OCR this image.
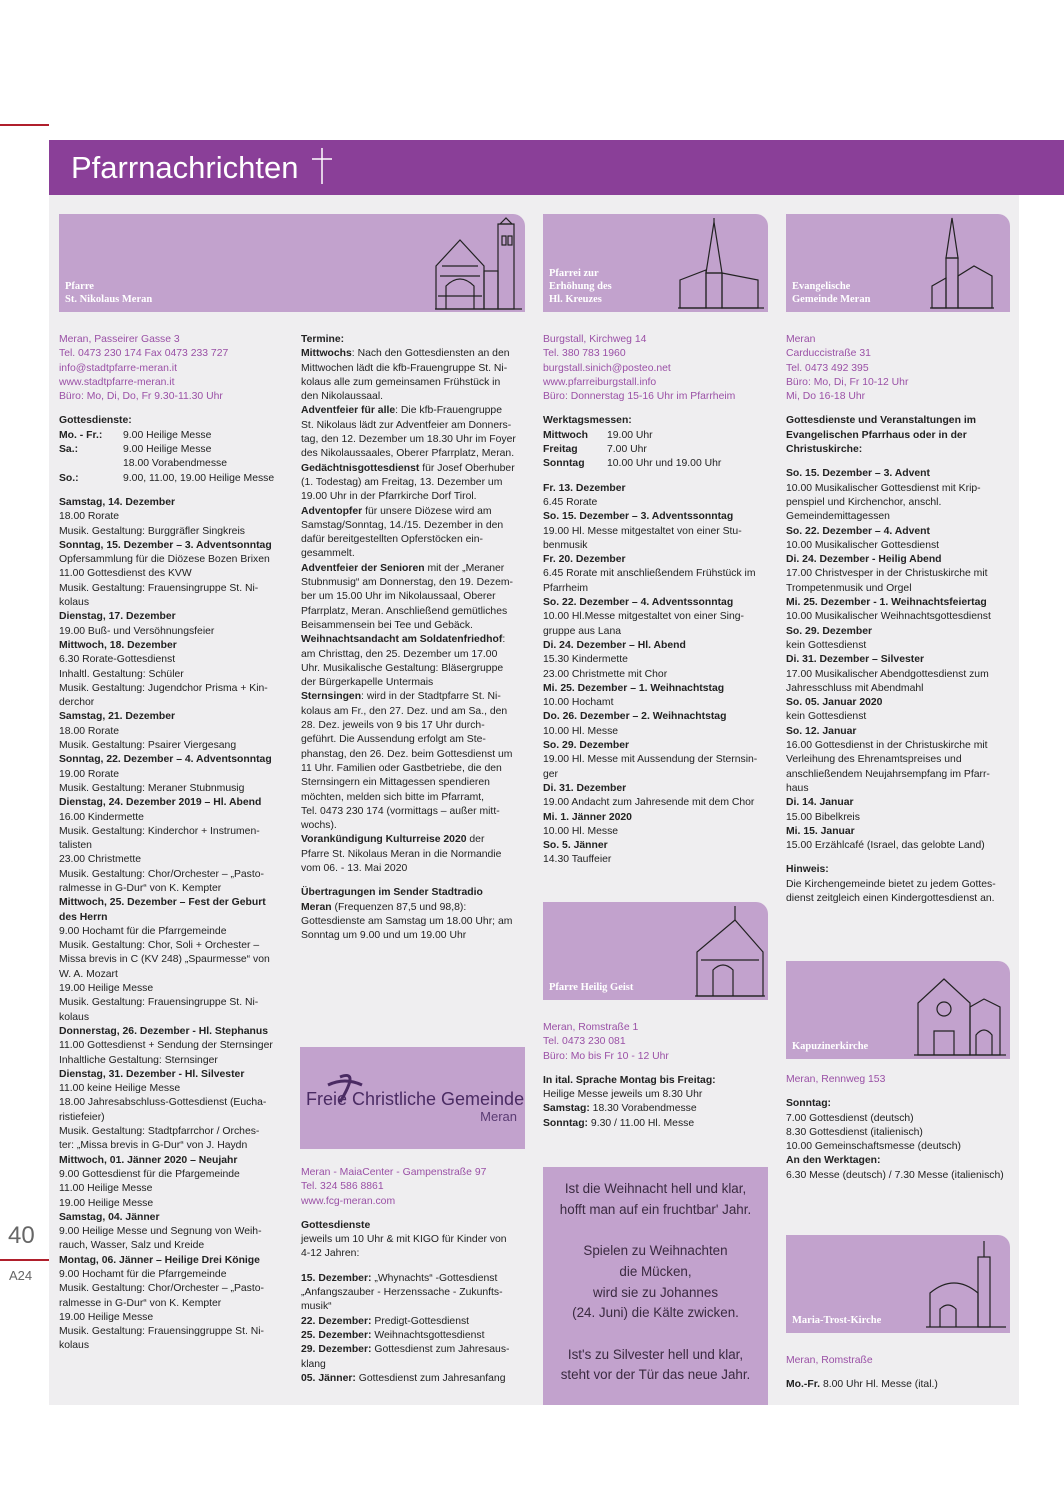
40
A24
Pfarrnachrichten
Pfarre
St. Nikolaus Meran

Meran, Passeirer Gasse 3

Tel. 0473 230 174 Fax 0473 233 727

info@stadtpfarre-meran.it

www.stadtpfarre-meran.it

Büro: Mo, Di, Do, Fr 9.30-11.30 Uhr

Gottesdienste:

Mo. - Fr.:	9.00 Heilige Messe
Sa.:	9.00 Heilige Messe
18.00 Vorabendmesse
So.:	9.00, 11.00, 19.00 Heilige Messe

Samstag, 14. Dezember

18.00 Rorate

Musik. Gestaltung: Burggräfler Singkreis

Sonntag, 15. Dezember – 3. Adventsonntag

Opfersammlung für die Diözese Bozen Brixen

11.00 Gottesdienst des KVW

Musik. Gestaltung: Frauensingruppe St. Ni-

kolaus

Dienstag, 17. Dezember

19.00 Buß- und Versöhnungsfeier

Mittwoch, 18. Dezember

6.30 Rorate-Gottesdienst

Inhaltl. Gestaltung: Schüler

Musik. Gestaltung: Jugendchor Prisma + Kin-

derchor

Samstag, 21. Dezember

18.00 Rorate

Musik. Gestaltung: Psairer Viergesang

Sonntag, 22. Dezember – 4. Adventsonntag

19.00 Rorate

Musik. Gestaltung: Meraner Stubnmusig

Dienstag, 24. Dezember 2019 – Hl. Abend

16.00 Kindermette

Musik. Gestaltung: Kinderchor + Instrumen-

talisten

23.00 Christmette

Musik. Gestaltung: Chor/Orchester – „Pasto-

ralmesse in G-Dur“ von K. Kempter

Mittwoch, 25. Dezember – Fest der Geburt

des Herrn

9.00 Hochamt für die Pfarrgemeinde

Musik. Gestaltung: Chor, Soli + Orchester –

Missa brevis in C (KV 248) „Spaurmesse“ von

W. A. Mozart

19.00 Heilige Messe

Musik. Gestaltung: Frauensingruppe St. Ni-

kolaus

Donnerstag, 26. Dezember - Hl. Stephanus

11.00 Gottesdienst + Sendung der Sternsinger

Inhaltliche Gestaltung: Sternsinger

Dienstag, 31. Dezember - Hl. Silvester

11.00 keine Heilige Messe

18.00 Jahresabschluss-Gottesdienst (Eucha-

ristiefeier)

Musik. Gestaltung: Stadtpfarrchor / Orches-

ter: „Missa brevis in G-Dur“ von J. Haydn

Mittwoch, 01. Jänner 2020 – Neujahr

9.00 Gottesdienst für die Pfargemeinde

11.00 Heilige Messe

19.00 Heilige Messe

Samstag, 04. Jänner

9.00 Heilige Messe und Segnung von Weih-

rauch, Wasser, Salz und Kreide

Montag, 06. Jänner – Heilige Drei Könige

9.00 Hochamt für die Pfarrgemeinde

Musik. Gestaltung: Chor/Orchester – „Pasto-

ralmesse in G-Dur“ von K. Kempter

19.00 Heilige Messe

Musik. Gestaltung: Frauensinggruppe St. Ni-

kolaus

Termine:

Mittwochs: Nach den Gottesdiensten an den

Mittwochen lädt die kfb-Frauengruppe St. Ni-

kolaus alle zum gemeinsamen Frühstück in

den Nikolaussaal.

Adventfeier für alle: Die kfb-Frauengruppe

St. Nikolaus lädt zur Adventfeier am Donners-

tag, den 12. Dezember um 18.30 Uhr im Foyer

des Nikolaussaales, Oberer Pfarrplatz, Meran.

Gedächtnisgottesdienst für Josef Oberhuber

(1. Todestag) am Freitag, 13. Dezember um

19.00 Uhr in der Pfarrkirche Dorf Tirol.

Adventopfer für unsere Diözese wird am

Samstag/Sonntag, 14./15. Dezember in den

dafür bereitgestellten Opferstöcken ein-

gesammelt.

Adventfeier der Senioren mit der „Meraner

Stubnmusig“ am Donnerstag, den 19. Dezem-

ber um 15.00 Uhr im Nikolaussaal, Oberer

Pfarrplatz, Meran. Anschließend gemütliches

Beisammensein bei Tee und Gebäck.

Weihnachtsandacht am Soldatenfriedhof:

am Christtag, den 25. Dezember um 17.00

Uhr. Musikalische Gestaltung: Bläsergruppe

der Bürgerkapelle Untermais

Sternsingen: wird in der Stadtpfarre St. Ni-

kolaus am Fr., den 27. Dez. und am Sa., den

28. Dez. jeweils von 9 bis 17 Uhr durch-

geführt. Die Aussendung erfolgt am Ste-

phanstag, den 26. Dez. beim Gottesdienst um

11 Uhr. Familien oder Gastbetriebe, die den

Sternsingern ein Mittagessen spendieren

möchten, melden sich bitte im Pfarramt,

Tel. 0473 230 174 (vormittags – außer mitt-

wochs).

Vorankündigung Kulturreise 2020 der

Pfarre St. Nikolaus Meran in die Normandie

vom 06. - 13. Mai 2020

Übertragungen im Sender Stadtradio

Meran (Frequenzen 87,5 und 98,8):

Gottesdienste am Samstag um 18.00 Uhr; am

Sonntag um 9.00 und um 19.00 Uhr

Freie Christliche Gemeinde
Meran

Meran - MaiaCenter - Gampenstraße 97

Tel. 324 586 8861

www.fcg-meran.com

Gottesdienste

jeweils um 10 Uhr & mit KIGO für Kinder von

4-12 Jahren:

15. Dezember: „Whynachts“ -Gottesdienst

„Anfangszauber - Herzenssache - Zukunfts-

musik“

22. Dezember: Predigt-Gottesdienst

25. Dezember: Weihnachtsgottesdienst

29. Dezember: Gottesdienst zum Jahresaus-

klang

05. Jänner: Gottesdienst zum Jahresanfang

Pfarrei zur
Erhöhung des
Hl. Kreuzes

Burgstall, Kirchweg 14

Tel. 380 783 1960

burgstall.sinich@posteo.net

www.pfarreiburgstall.info

Büro: Donnerstag 15-16 Uhr im Pfarrheim

Werktagsmessen:

Mittwoch	19.00 Uhr
Freitag	7.00 Uhr
Sonntag	10.00 Uhr und 19.00 Uhr

Fr. 13. Dezember

6.45 Rorate

So. 15. Dezember – 3. Adventssonntag

19.00 Hl. Messe mitgestaltet von einer Stu-

benmusik

Fr. 20. Dezember

6.45 Rorate mit anschließendem Frühstück im

Pfarrheim

So. 22. Dezember – 4. Adventssonntag

10.00 Hl.Messe mitgestaltet von einer Sing-

gruppe aus Lana

Di. 24. Dezember – Hl. Abend

15.30 Kindermette

23.00 Christmette mit Chor

Mi. 25. Dezember – 1. Weihnachtstag

10.00 Hochamt

Do. 26. Dezember – 2. Weihnachtstag

10.00 Hl. Messe

So. 29. Dezember

19.00 Hl. Messe mit Aussendung der Sternsin-

ger

Di. 31. Dezember

19.00 Andacht zum Jahresende mit dem Chor

Mi. 1. Jänner 2020

10.00 Hl. Messe

So. 5. Jänner

14.30 Tauffeier

Pfarre Heilig Geist

Meran, Romstraße 1

Tel. 0473 230 081

Büro: Mo bis Fr 10 - 12 Uhr

In ital. Sprache Montag bis Freitag:

Heilige Messe jeweils um 8.30 Uhr

Samstag: 18.30 Vorabendmesse

Sonntag: 9.30 / 11.00 Hl. Messe

Ist die Weihnacht hell und klar,
hofft man auf ein fruchtbar' Jahr.

Spielen zu Weihnachten
die Mücken,
wird sie zu Johannes
(24. Juni) die Kälte zwicken.

Ist's zu Silvester hell und klar,
steht vor der Tür das neue Jahr.
Evangelische
Gemeinde Meran

Meran

Carduccistraße 31

Tel. 0473 492 395

Büro: Mo, Di, Fr 10-12 Uhr

Mi, Do 16-18 Uhr

Gottesdienste und Veranstaltungen im

Evangelischen Pfarrhaus oder in der

Christuskirche:

So. 15. Dezember – 3. Advent

10.00 Musikalischer Gottesdienst mit Krip-

penspiel und Kirchenchor, anschl.

Gemeindemittagessen

So. 22. Dezember – 4. Advent

10.00 Musikalischer Gottesdienst

Di. 24. Dezember - Heilig Abend

17.00 Christvesper in der Christuskirche mit

Trompetenmusik und Orgel

Mi. 25. Dezember - 1. Weihnachtsfeiertag

10.00 Musikalischer Weihnachtsgottesdienst

So. 29. Dezember

kein Gottesdienst

Di. 31. Dezember – Silvester

17.00 Musikalischer Abendgottesdienst zum

Jahresschluss mit Abendmahl

So. 05. Januar 2020

kein Gottesdienst

So. 12. Januar

16.00 Gottesdienst in der Christuskirche mit

Verleihung des Ehrenamtspreises und

anschließendem Neujahrsempfang im Pfarr-

haus

Di. 14. Januar

15.00 Bibelkreis

Mi. 15. Januar

15.00 Erzählcafé (Israel, das gelobte Land)

Hinweis:

Die Kirchengemeinde bietet zu jedem Gottes-

dienst zeitgleich einen Kindergottesdienst an.

Kapuzinerkirche

Meran, Rennweg 153

Sonntag:

7.00 Gottesdienst (deutsch)

8.30 Gottesdienst (italienisch)

10.00 Gemeinschaftsmesse (deutsch)

An den Werktagen:

6.30 Messe (deutsch) / 7.30 Messe (italienisch)

Maria-Trost-Kirche

Meran, Romstraße

Mo.-Fr. 8.00 Uhr Hl. Messe (ital.)
